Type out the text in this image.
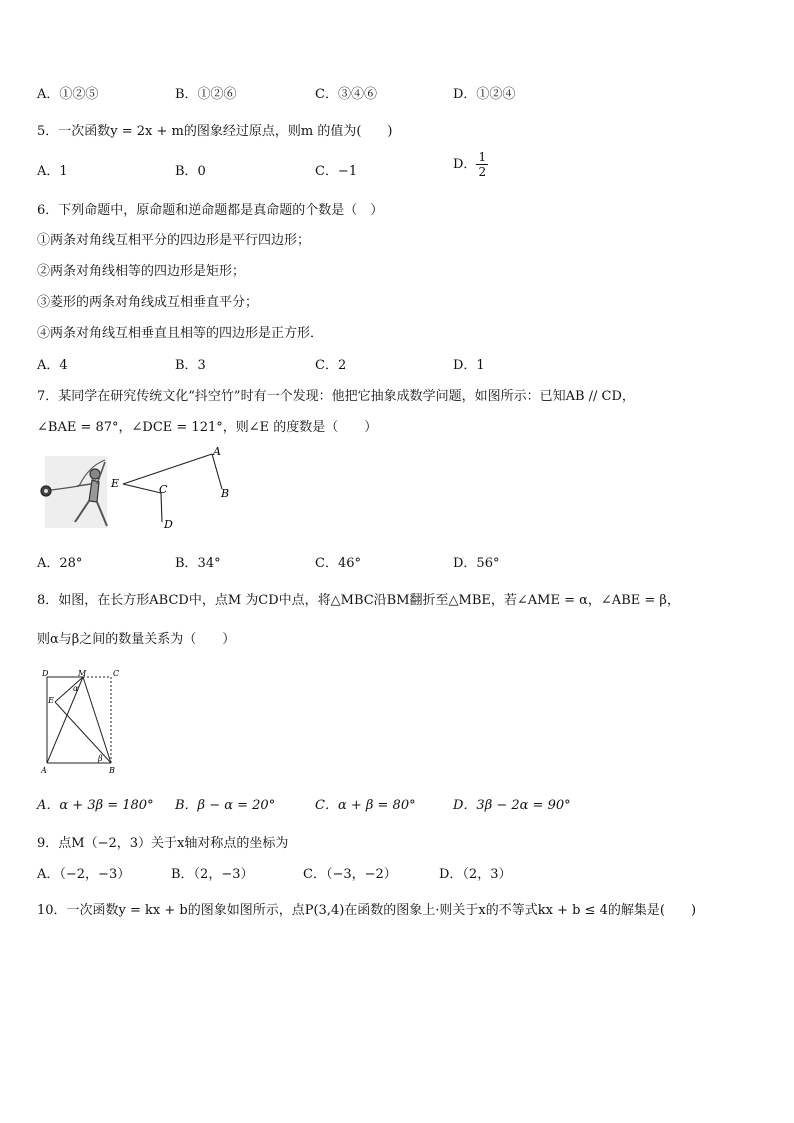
A．①②⑤	B．①②⑥	C．③④⑥	D．①②④
5．一次函数y = 2x + m的图象经过原点，则m 的值为(　　)
A．1	B．0	C．−1	D． $\frac{1}{2}$
6．下列命题中，原命题和逆命题都是真命题的个数是（　）
①两条对角线互相平分的四边形是平行四边形；
②两条对角线相等的四边形是矩形；
③菱形的两条对角线成互相垂直平分；
④两条对角线互相垂直且相等的四边形是正方形．
A．4	B．3	C．2	D．1
7．某同学在研究传统文化“抖空竹”时有一个发现：他把它抽象成数学问题，如图所示：已知AB // CD，
∠BAE = 87°，∠DCE = 121°，则∠E 的度数是（　　）
A
B
C
D
E
A．28°	B．34°	C．46°	D．56°
8．如图，在长方形ABCD中，点M 为CD中点，将△MBC沿BM翻折至△MBE，若∠AME = α，∠ABE = β，
则α与β之间的数量关系为（　　）
D	M	C
E
A	B
α
β
A．α + 3β = 180° B．β − α = 20°	C．α + β = 80°	D．3β − 2α = 90°
9．点M（−2，3）关于x轴对称点的坐标为
A．（−2，−3）	B．（2，−3）	C．（−3，−2）	D．（2，3）
10．一次函数y = kx + b的图象如图所示，点P(3,4)在函数的图象上·则关于x的不等式kx + b ≤ 4的解集是(　　)
